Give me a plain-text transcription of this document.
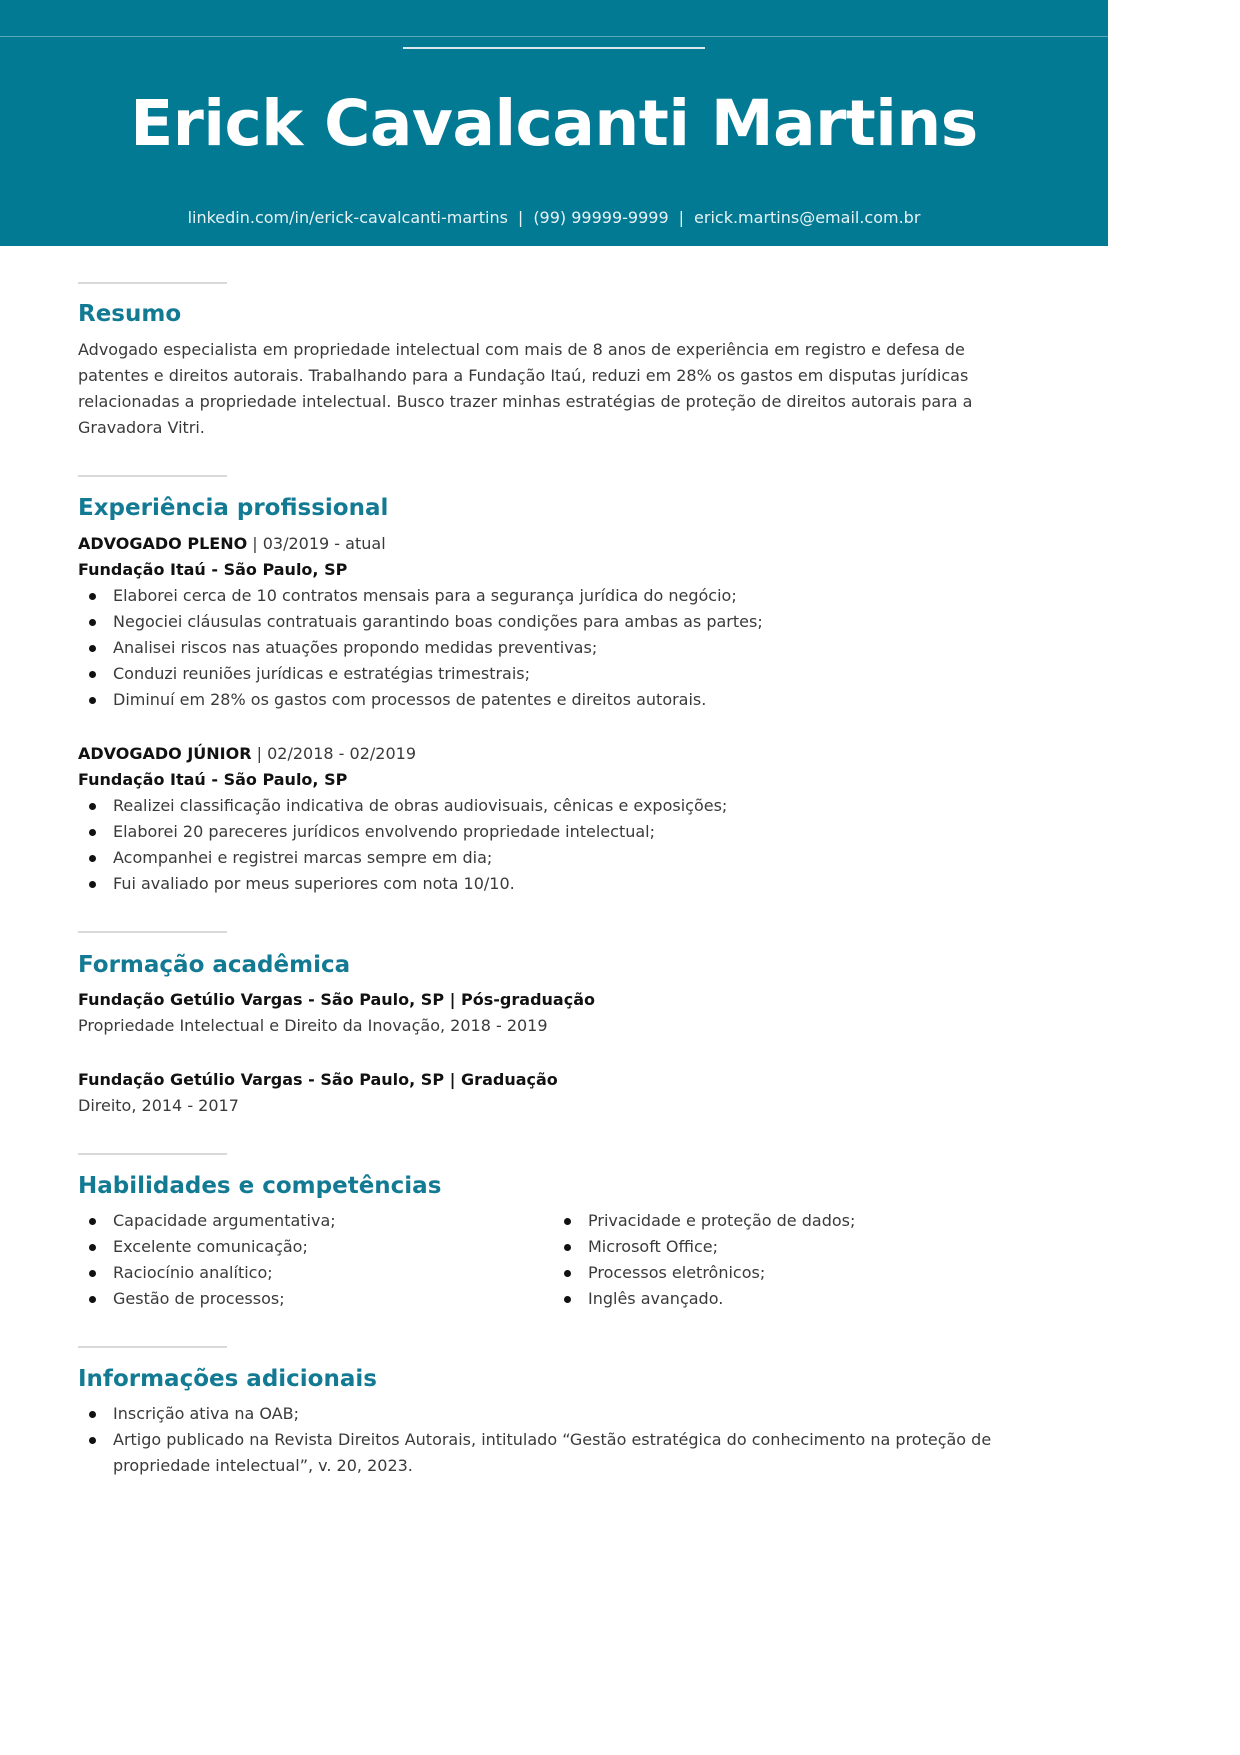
Erick Cavalcanti Martins
linkedin.com/in/erick-cavalcanti-martins | (99) 99999-9999 | erick.martins@email.com.br
Resumo
Advogado especialista em propriedade intelectual com mais de 8 anos de experiência em registro e defesa de patentes e direitos autorais. Trabalhando para a Fundação Itaú, reduzi em 28% os gastos em disputas jurídicas relacionadas a propriedade intelectual. Busco trazer minhas estratégias de proteção de direitos autorais para a Gravadora Vitri.
Experiência profissional
ADVOGADO PLENO | 03/2019 - atual
Fundação Itaú - São Paulo, SP
Elaborei cerca de 10 contratos mensais para a segurança jurídica do negócio;
Negociei cláusulas contratuais garantindo boas condições para ambas as partes;
Analisei riscos nas atuações propondo medidas preventivas;
Conduzi reuniões jurídicas e estratégias trimestrais;
Diminuí em 28% os gastos com processos de patentes e direitos autorais.
ADVOGADO JÚNIOR | 02/2018 - 02/2019
Fundação Itaú - São Paulo, SP
Realizei classificação indicativa de obras audiovisuais, cênicas e exposições;
Elaborei 20 pareceres jurídicos envolvendo propriedade intelectual;
Acompanhei e registrei marcas sempre em dia;
Fui avaliado por meus superiores com nota 10/10.
Formação acadêmica
Fundação Getúlio Vargas - São Paulo, SP | Pós-graduação
Propriedade Intelectual e Direito da Inovação, 2018 - 2019
Fundação Getúlio Vargas - São Paulo, SP | Graduação
Direito, 2014 - 2017
Habilidades e competências
Capacidade argumentativa;
Excelente comunicação;
Raciocínio analítico;
Gestão de processos;
Privacidade e proteção de dados;
Microsoft Office;
Processos eletrônicos;
Inglês avançado.
Informações adicionais
Inscrição ativa na OAB;
Artigo publicado na Revista Direitos Autorais, intitulado “Gestão estratégica do conhecimento na proteção de propriedade intelectual”, v. 20, 2023.
